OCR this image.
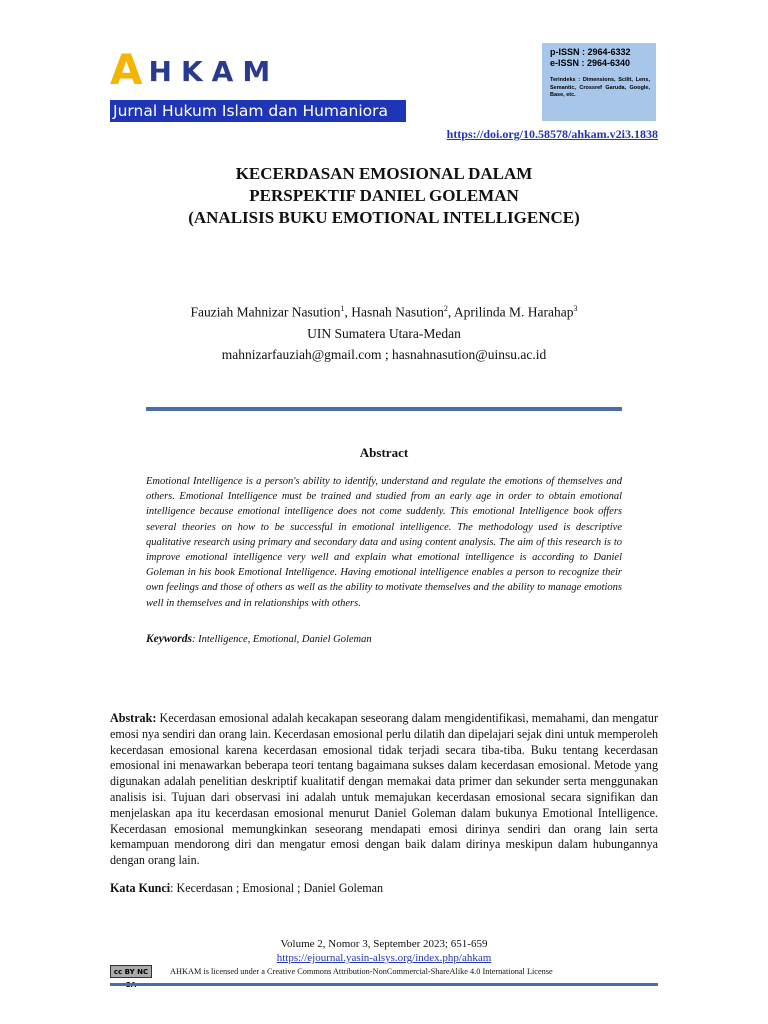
AHKAM
Jurnal Hukum Islam dan Humaniora
p-ISSN : 2964-6332
e-ISSN : 2964-6340
Terindeks : Dimensions, Scilit, Lens, Semantic, Crossref Garuda, Google, Base, etc.
https://doi.org/10.58578/ahkam.v2i3.1838
KECERDASAN EMOSIONAL DALAM
PERSPEKTIF DANIEL GOLEMAN
(ANALISIS BUKU EMOTIONAL INTELLIGENCE)
Fauziah Mahnizar Nasution$^1$, Hasnah Nasution$^2$, Aprilinda M. Harahap$^3$
UIN Sumatera Utara-Medan
mahnizarfauziah@gmail.com ; hasnahnasution@uinsu.ac.id
Abstract
Emotional Intelligence is a person's ability to identify, understand and regulate the emotions of themselves and others. Emotional Intelligence must be trained and studied from an early age in order to obtain emotional intelligence because emotional intelligence does not come suddenly. This emotional Intelligence book offers several theories on how to be successful in emotional intelligence. The methodology used is descriptive qualitative research using primary and secondary data and using content analysis. The aim of this research is to improve emotional intelligence very well and explain what emotional intelligence is according to Daniel Goleman in his book Emotional Intelligence. Having emotional intelligence enables a person to recognize their own feelings and those of others as well as the ability to motivate themselves and the ability to manage emotions well in themselves and in relationships with others.
Keywords: Intelligence, Emotional, Daniel Goleman
Abstrak: Kecerdasan emosional adalah kecakapan seseorang dalam mengidentifikasi, memahami, dan mengatur emosi nya sendiri dan orang lain. Kecerdasan emosional perlu dilatih dan dipelajari sejak dini untuk memperoleh kecerdasan emosional karena kecerdasan emosional tidak terjadi secara tiba-tiba. Buku tentang kecerdasan emosional ini menawarkan beberapa teori tentang bagaimana sukses dalam kecerdasan emosional. Metode yang digunakan adalah penelitian deskriptif kualitatif dengan memakai data primer dan sekunder serta menggunakan analisis isi. Tujuan dari observasi ini adalah untuk memajukan kecerdasan emosional secara signifikan dan menjelaskan apa itu kecerdasan emosional menurut Daniel Goleman dalam bukunya Emotional Intelligence. Kecerdasan emosional memungkinkan seseorang mendapati emosi dirinya sendiri dan orang lain serta kemampuan mendorong diri dan mengatur emosi dengan baik dalam dirinya meskipun dalam hubungannya dengan orang lain.
Kata Kunci: Kecerdasan ; Emosional ; Daniel Goleman
Volume 2, Nomor 3, September 2023; 651-659
https://ejournal.yasin-alsys.org/index.php/ahkam
cc BY NC	AHKAM is licensed under a Creative Commons Attribution-NonCommercial-ShareAlike 4.0 International License
